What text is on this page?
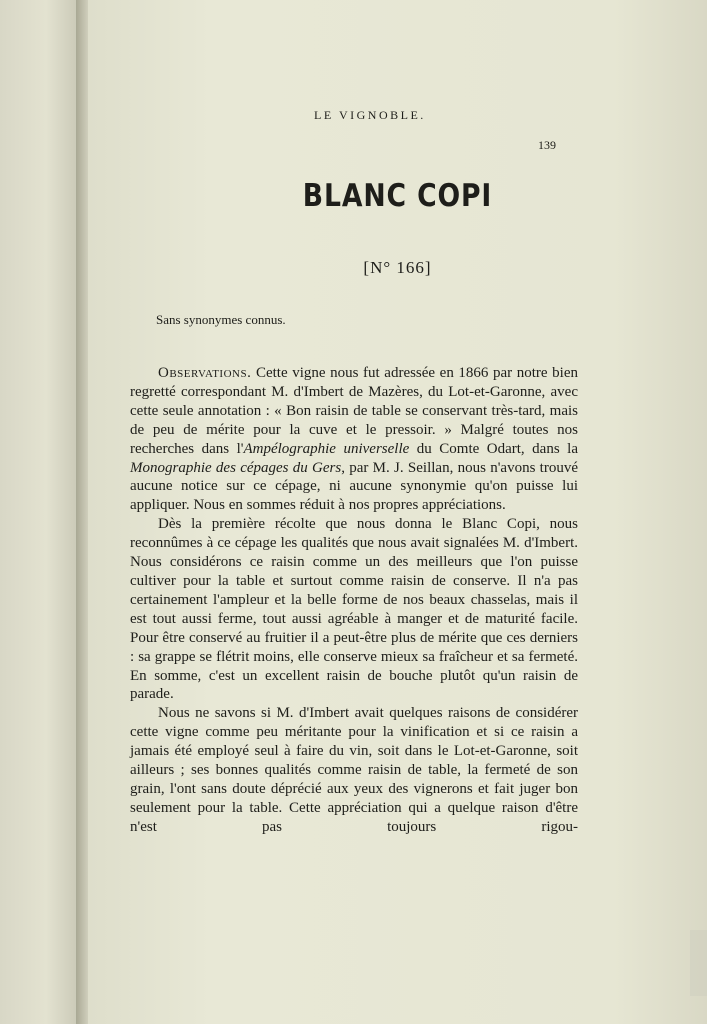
LE VIGNOBLE.
139
BLANC COPI
[N° 166]
Sans synonymes connus.

Observations. Cette vigne nous fut adressée en 1866 par notre bien regretté correspondant M. d'Imbert de Mazères, du Lot-et-Garonne, avec cette seule annotation : « Bon raisin de table se conservant très-tard, mais de peu de mérite pour la cuve et le pressoir. » Malgré toutes nos recherches dans l'Ampélographie universelle du Comte Odart, dans la Monographie des cépages du Gers, par M. J. Seillan, nous n'avons trouvé aucune notice sur ce cépage, ni aucune synonymie qu'on puisse lui appliquer. Nous en sommes réduit à nos propres appréciations.

Dès la première récolte que nous donna le Blanc Copi, nous reconnûmes à ce cépage les qualités que nous avait signalées M. d'Imbert. Nous considérons ce raisin comme un des meilleurs que l'on puisse cultiver pour la table et surtout comme raisin de conserve. Il n'a pas certainement l'ampleur et la belle forme de nos beaux chasselas, mais il est tout aussi ferme, tout aussi agréable à manger et de maturité facile. Pour être conservé au fruitier il a peut-être plus de mérite que ces derniers : sa grappe se flétrit moins, elle conserve mieux sa fraîcheur et sa fermeté. En somme, c'est un excellent raisin de bouche plutôt qu'un raisin de parade.

Nous ne savons si M. d'Imbert avait quelques raisons de considérer cette vigne comme peu méritante pour la vinification et si ce raisin a jamais été employé seul à faire du vin, soit dans le Lot-et-Garonne, soit ailleurs ; ses bonnes qualités comme raisin de table, la fermeté de son grain, l'ont sans doute déprécié aux yeux des vignerons et fait juger bon seulement pour la table. Cette appréciation qui a quelque raison d'être n'est pas toujours rigou-
